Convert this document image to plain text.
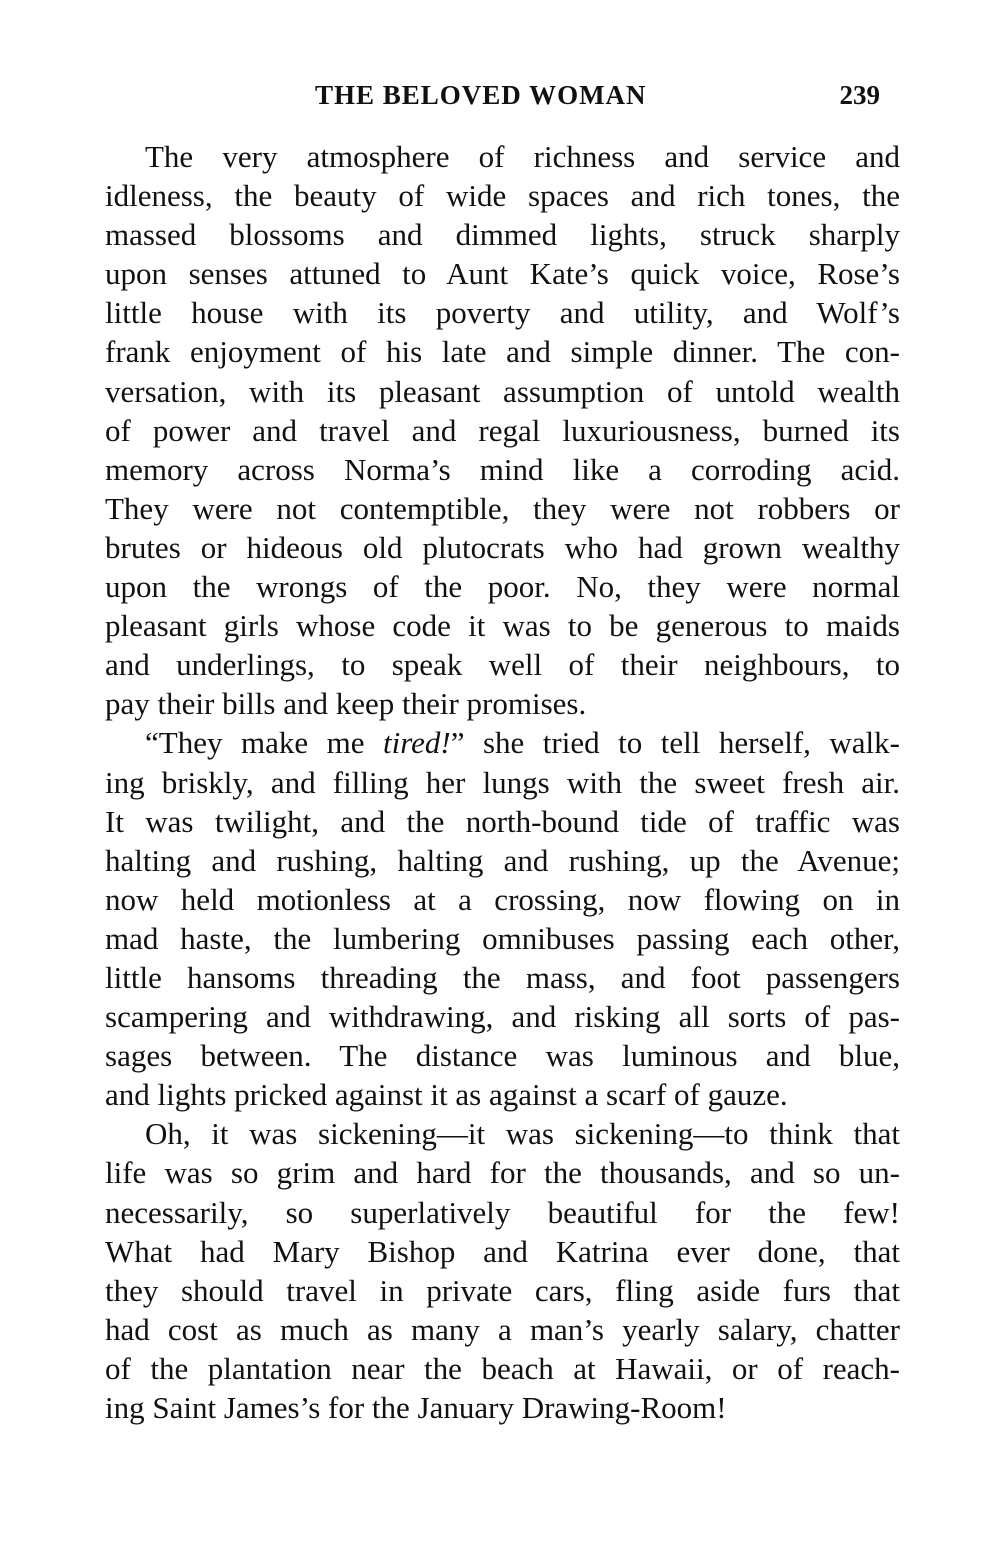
THE BELOVED WOMAN	239
The very atmosphere of richness and service and
idleness, the beauty of wide spaces and rich tones, the
massed blossoms and dimmed lights, struck sharply
upon senses attuned to Aunt Kate’s quick voice, Rose’s
little house with its poverty and utility, and Wolf’s
frank enjoyment of his late and simple dinner. The con-
versation, with its pleasant assumption of untold wealth
of power and travel and regal luxuriousness, burned its
memory across Norma’s mind like a corroding acid.
They were not contemptible, they were not robbers or
brutes or hideous old plutocrats who had grown wealthy
upon the wrongs of the poor. No, they were normal
pleasant girls whose code it was to be generous to maids
and underlings, to speak well of their neighbours, to
pay their bills and keep their promises.
“They make me tired!” she tried to tell herself, walk-
ing briskly, and filling her lungs with the sweet fresh air.
It was twilight, and the north-bound tide of traffic was
halting and rushing, halting and rushing, up the Avenue;
now held motionless at a crossing, now flowing on in
mad haste, the lumbering omnibuses passing each other,
little hansoms threading the mass, and foot passengers
scampering and withdrawing, and risking all sorts of pas-
sages between. The distance was luminous and blue,
and lights pricked against it as against a scarf of gauze.
Oh, it was sickening—it was sickening—to think that
life was so grim and hard for the thousands, and so un-
necessarily, so superlatively beautiful for the few!
What had Mary Bishop and Katrina ever done, that
they should travel in private cars, fling aside furs that
had cost as much as many a man’s yearly salary, chatter
of the plantation near the beach at Hawaii, or of reach-
ing Saint James’s for the January Drawing-Room!
